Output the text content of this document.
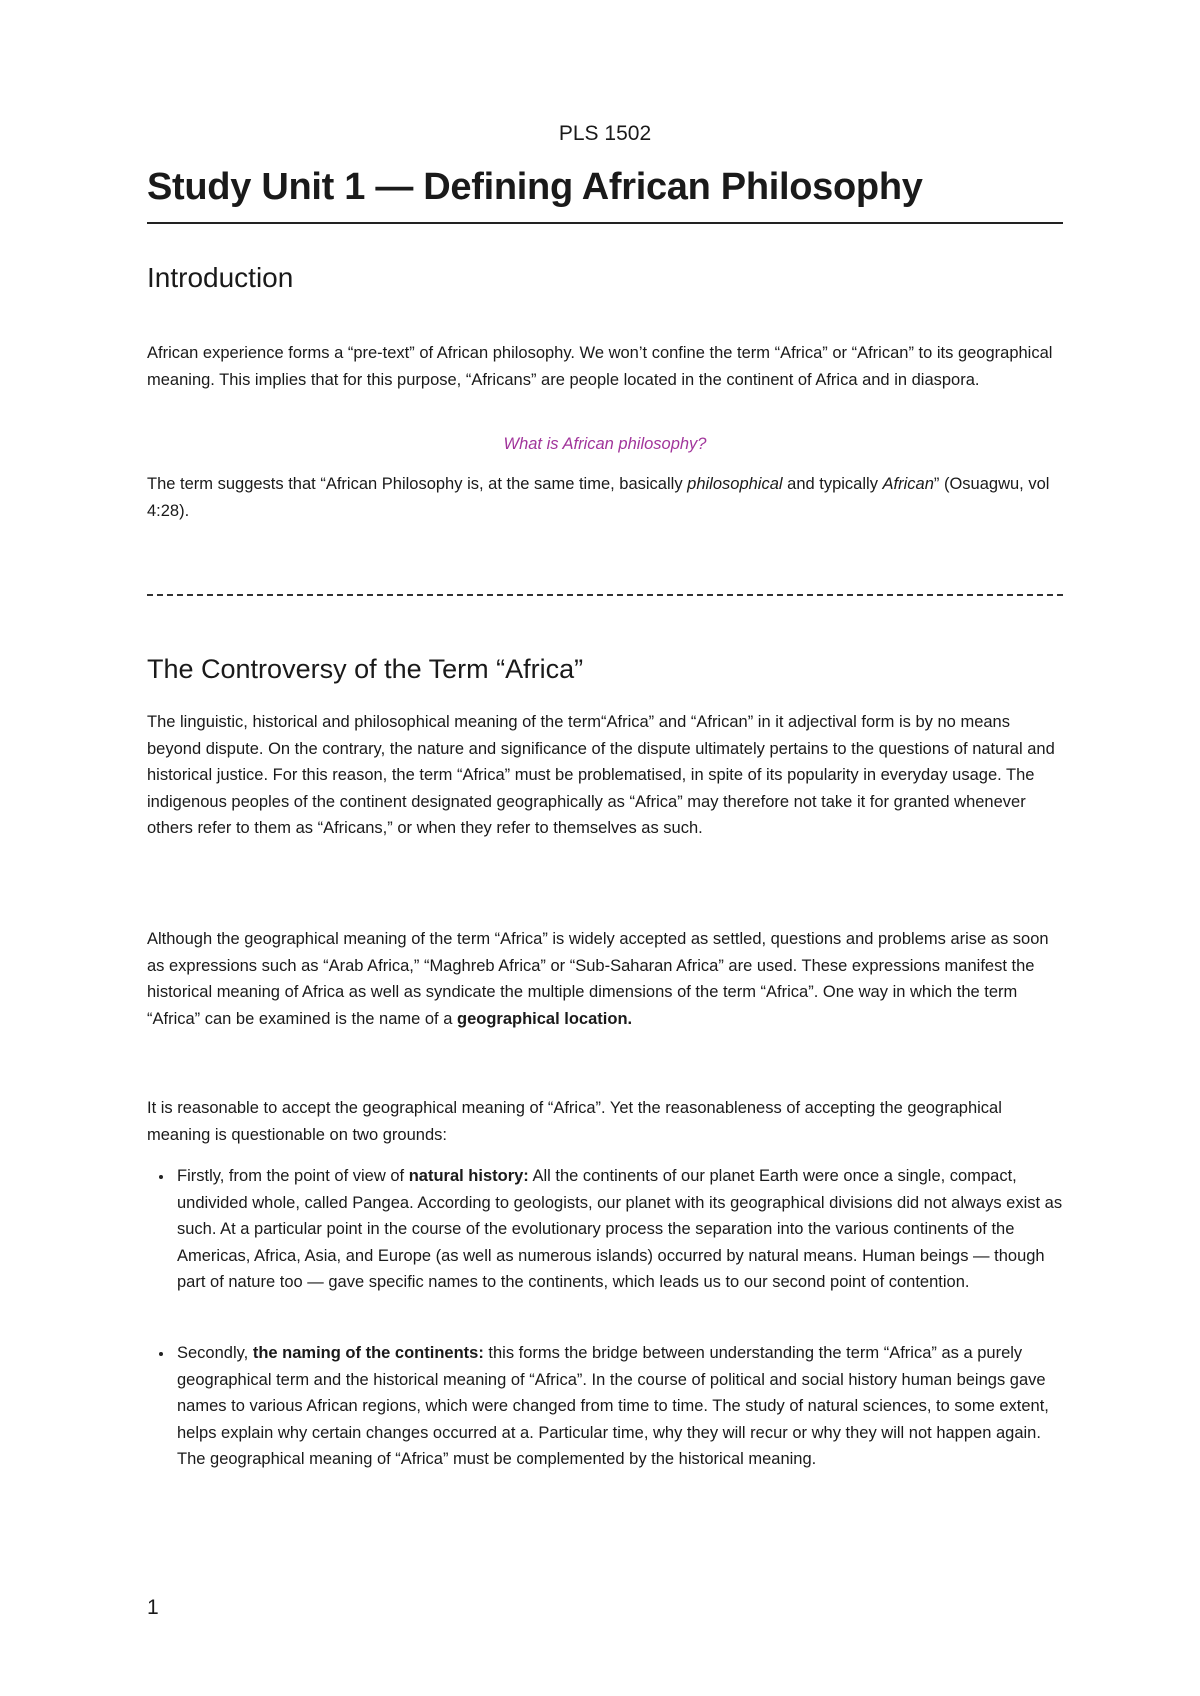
PLS 1502
Study Unit 1 — Defining African Philosophy
Introduction

African experience forms a “pre-text” of African philosophy. We won’t confine the term “Africa” or “African” to its geographical meaning. This implies that for this purpose, “Africans” are people located in the continent of Africa and in diaspora.

What is African philosophy?

The term suggests that “African Philosophy is, at the same time, basically philosophical and typically African” (Osuagwu, vol 4:28).

The Controversy of the Term “Africa”

The linguistic, historical and philosophical meaning of the term“Africa” and “African” in it adjectival form is by no means beyond dispute. On the contrary, the nature and significance of the dispute ultimately pertains to the questions of natural and historical justice. For this reason, the term “Africa” must be problematised, in spite of its popularity in everyday usage. The indigenous peoples of the continent designated geographically as “Africa” may therefore not take it for granted whenever others refer to them as “Africans,” or when they refer to themselves as such.

Although the geographical meaning of the term “Africa” is widely accepted as settled, questions and problems arise as soon as expressions such as “Arab Africa,” “Maghreb Africa” or “Sub-Saharan Africa” are used. These expressions manifest the historical meaning of Africa as well as syndicate the multiple dimensions of the term “Africa”. One way in which the term “Africa” can be examined is the name of a geographical location.

It is reasonable to accept the geographical meaning of “Africa”. Yet the reasonableness of accepting the geographical meaning is questionable on two grounds:

Firstly, from the point of view of natural history: All the continents of our planet Earth were once a single, compact, undivided whole, called Pangea. According to geologists, our planet with its geographical divisions did not always exist as such. At a particular point in the course of the evolutionary process the separation into the various continents of the Americas, Africa, Asia, and Europe (as well as numerous islands) occurred by natural means. Human beings — though part of nature too — gave specific names to the continents, which leads us to our second point of contention.
Secondly, the naming of the continents: this forms the bridge between understanding the term “Africa” as a purely geographical term and the historical meaning of “Africa”. In the course of political and social history human beings gave names to various African regions, which were changed from time to time. The study of natural sciences, to some extent, helps explain why certain changes occurred at a. Particular time, why they will recur or why they will not happen again. The geographical meaning of “Africa” must be complemented by the historical meaning.
1
